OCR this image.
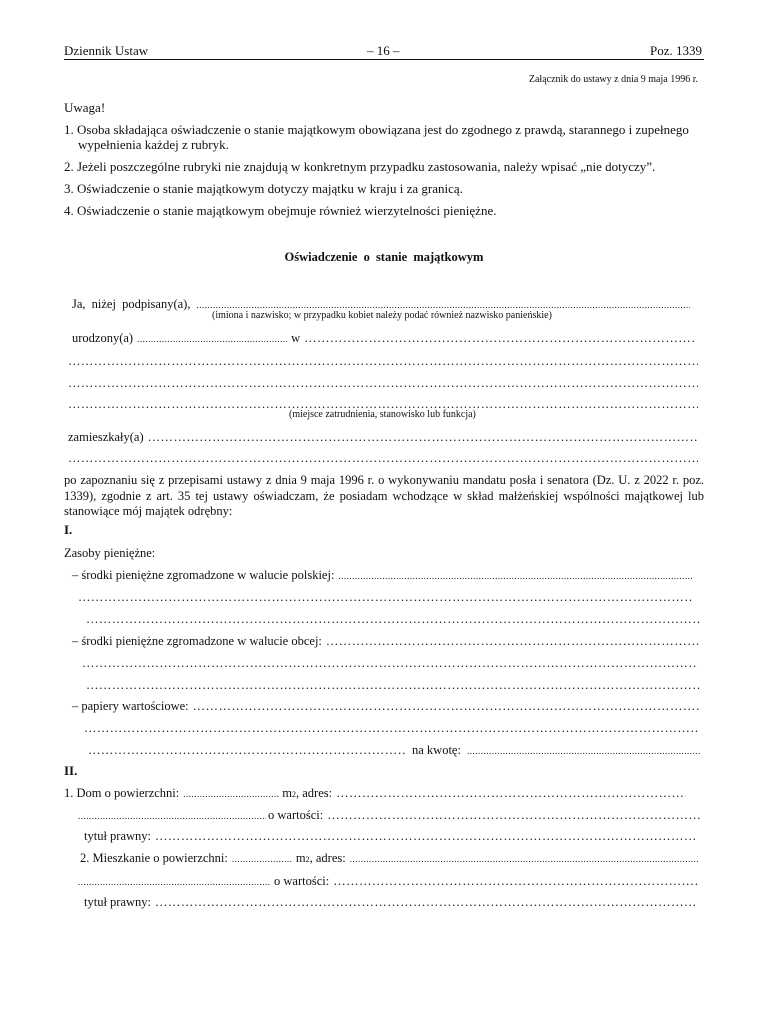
Dziennik Ustaw	– 16 –	Poz. 1339
Załącznik do ustawy z dnia 9 maja 1996 r.
Uwaga!
1. Osoba składająca oświadczenie o stanie majątkowym obowiązana jest do zgodnego z prawdą, starannego i zupełnego
wypełnienia każdej z rubryk.
2. Jeżeli poszczególne rubryki nie znajdują w konkretnym przypadku zastosowania, należy wpisać „nie dotyczy”.
3. Oświadczenie o stanie majątkowym dotyczy majątku w kraju i za granicą.
4. Oświadczenie o stanie majątkowym obejmuje również wierzytelności pieniężne.
Oświadczenie o stanie majątkowym
Ja, niżej podpisany(a),
.....
(imiona i nazwisko; w przypadku kobiet należy podać również nazwisko panieńskie)
urodzony(a) .....	w
……………………………………………………………………………………………………………………………………………………………………………………………………………………………………………………
……………………………………………………………………………………………………………………………………………………………………………………………………………………………………………………
……………………………………………………………………………………………………………………………………………………………………………………………………………………………………………………
……………………………………………………………………………………………………………………………………………………………………………………………………………………………………………………
(miejsce zatrudnienia, stanowisko lub funkcja)
zamieszkały(a)
……………………………………………………………………………………………………………………………………………………………………………………………………………………………………………………
……………………………………………………………………………………………………………………………………………………………………………………………………………………………………………………
po zapoznaniu się z przepisami ustawy z dnia 9 maja 1996 r. o wykonywaniu mandatu posła i senatora (Dz. U. z 2022 r. poz.
1339), zgodnie z art. 35 tej ustawy oświadczam, że posiadam wchodzące w skład małżeńskiej wspólności majątkowej lub
stanowiące mój majątek odrębny:
I.
Zasoby pieniężne:
– środki pieniężne zgromadzone w walucie polskiej:
.....
……………………………………………………………………………………………………………………………………………………………………………………………………………………………………………………
……………………………………………………………………………………………………………………………………………………………………………………………………………………………………………………
– środki pieniężne zgromadzone w walucie obcej:
……………………………………………………………………………………………………………………………………………………………………………………………………………………………………………………
……………………………………………………………………………………………………………………………………………………………………………………………………………………………………………………
……………………………………………………………………………………………………………………………………………………………………………………………………………………………………………………
– papiery wartościowe:
……………………………………………………………………………………………………………………………………………………………………………………………………………………………………………………
……………………………………………………………………………………………………………………………………………………………………………………………………………………………………………………
……………………………………………………………………………………………………………………………………………………………………………………………………………………………………………………
na kwotę:
.....
II.
1. Dom o powierzchni: .....	m 2 , adres:
……………………………………………………………………………………………………………………………………………………………………………………………………………………………………………………
.....
o wartości:
……………………………………………………………………………………………………………………………………………………………………………………………………………………………………………………
tytuł prawny:
……………………………………………………………………………………………………………………………………………………………………………………………………………………………………………………
2. Mieszkanie o powierzchni: .....	m 2 , adres:
.....
.....
o wartości:
……………………………………………………………………………………………………………………………………………………………………………………………………………………………………………………
tytuł prawny:
……………………………………………………………………………………………………………………………………………………………………………………………………………………………………………………
